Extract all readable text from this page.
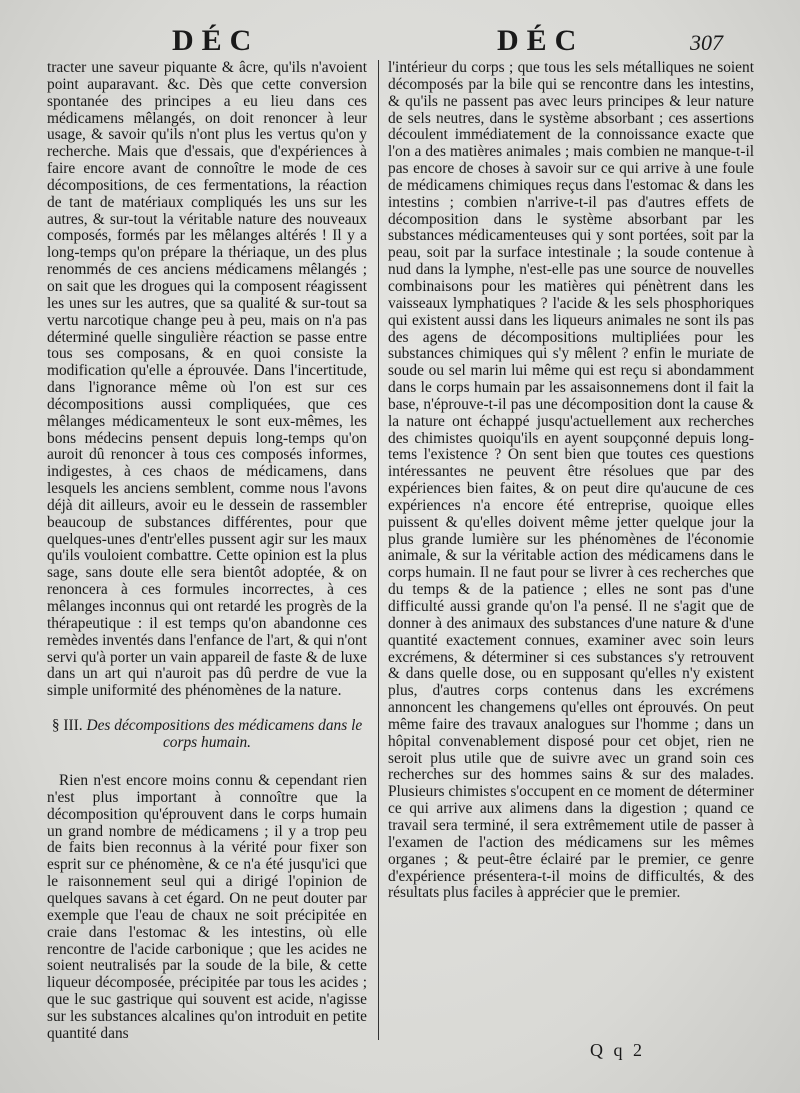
DÉC	DÉC	307

tracter une saveur piquante & âcre, qu'ils n'avoient point auparavant. &c. Dès que cette conversion spontanée des principes a eu lieu dans ces médicamens mêlangés, on doit renoncer à leur usage, & savoir qu'ils n'ont plus les vertus qu'on y recherche. Mais que d'essais, que d'expériences à faire encore avant de connoître le mode de ces décompositions, de ces fermentations, la réaction de tant de matériaux compliqués les uns sur les autres, & sur-tout la véritable nature des nouveaux composés, formés par les mêlanges altérés ! Il y a long-temps qu'on prépare la thériaque, un des plus renommés de ces anciens médicamens mêlangés ; on sait que les drogues qui la composent réagissent les unes sur les autres, que sa qualité & sur-tout sa vertu narcotique change peu à peu, mais on n'a pas déterminé quelle singulière réaction se passe entre tous ses composans, & en quoi consiste la modification qu'elle a éprouvée. Dans l'incertitude, dans l'ignorance même où l'on est sur ces décompositions aussi compliquées, que ces mêlanges médicamenteux le sont eux-mêmes, les bons médecins pensent depuis long-temps qu'on auroit dû renoncer à tous ces composés informes, indigestes, à ces chaos de médicamens, dans lesquels les anciens semblent, comme nous l'avons déjà dit ailleurs, avoir eu le dessein de rassembler beaucoup de substances différentes, pour que quelques-unes d'entr'elles pussent agir sur les maux qu'ils vouloient combattre. Cette opinion est la plus sage, sans doute elle sera bientôt adoptée, & on renoncera à ces formules incorrectes, à ces mêlanges inconnus qui ont retardé les progrès de la thérapeutique : il est temps qu'on abandonne ces remèdes inventés dans l'enfance de l'art, & qui n'ont servi qu'à porter un vain appareil de faste & de luxe dans un art qui n'auroit pas dû perdre de vue la simple uniformité des phénomènes de la nature.

§ III. Des décompositions des médicamens dans le corps humain.

Rien n'est encore moins connu & cependant rien n'est plus important à connoître que la décomposition qu'éprouvent dans le corps humain un grand nombre de médicamens ; il y a trop peu de faits bien reconnus à la vérité pour fixer son esprit sur ce phénomène, & ce n'a été jusqu'ici que le raisonnement seul qui a dirigé l'opinion de quelques savans à cet égard. On ne peut douter par exemple que l'eau de chaux ne soit précipitée en craie dans l'estomac & les intestins, où elle rencontre de l'acide carbonique ; que les acides ne soient neutralisés par la soude de la bile, & cette liqueur décomposée, précipitée par tous les acides ; que le suc gastrique qui souvent est acide, n'agisse sur les substances alcalines qu'on introduit en petite quantité dans

l'intérieur du corps ; que tous les sels métalliques ne soient décomposés par la bile qui se rencontre dans les intestins, & qu'ils ne passent pas avec leurs principes & leur nature de sels neutres, dans le système absorbant ; ces assertions découlent immédiatement de la connoissance exacte que l'on a des matières animales ; mais combien ne manque-t-il pas encore de choses à savoir sur ce qui arrive à une foule de médicamens chimiques reçus dans l'estomac & dans les intestins ; combien n'arrive-t-il pas d'autres effets de décomposition dans le système absorbant par les substances médicamenteuses qui y sont portées, soit par la peau, soit par la surface intestinale ; la soude contenue à nud dans la lymphe, n'est-elle pas une source de nouvelles combinaisons pour les matières qui pénètrent dans les vaisseaux lymphatiques ? l'acide & les sels phosphoriques qui existent aussi dans les liqueurs animales ne sont ils pas des agens de décompositions multipliées pour les substances chimiques qui s'y mêlent ? enfin le muriate de soude ou sel marin lui même qui est reçu si abondamment dans le corps humain par les assaisonnemens dont il fait la base, n'éprouve-t-il pas une décomposition dont la cause & la nature ont échappé jusqu'actuellement aux recherches des chimistes quoiqu'ils en ayent soupçonné depuis long-tems l'existence ? On sent bien que toutes ces questions intéressantes ne peuvent être résolues que par des expériences bien faites, & on peut dire qu'aucune de ces expériences n'a encore été entreprise, quoique elles puissent & qu'elles doivent même jetter quelque jour la plus grande lumière sur les phénomènes de l'économie animale, & sur la véritable action des médicamens dans le corps humain. Il ne faut pour se livrer à ces recherches que du temps & de la patience ; elles ne sont pas d'une difficulté aussi grande qu'on l'a pensé. Il ne s'agit que de donner à des animaux des substances d'une nature & d'une quantité exactement connues, examiner avec soin leurs excrémens, & déterminer si ces substances s'y retrouvent & dans quelle dose, ou en supposant qu'elles n'y existent plus, d'autres corps contenus dans les excrémens annoncent les changemens qu'elles ont éprouvés. On peut même faire des travaux analogues sur l'homme ; dans un hôpital convenablement disposé pour cet objet, rien ne seroit plus utile que de suivre avec un grand soin ces recherches sur des hommes sains & sur des malades. Plusieurs chimistes s'occupent en ce moment de déterminer ce qui arrive aux alimens dans la digestion ; quand ce travail sera terminé, il sera extrêmement utile de passer à l'examen de l'action des médicamens sur les mêmes organes ; & peut-être éclairé par le premier, ce genre d'expérience présentera-t-il moins de difficultés, & des résultats plus faciles à apprécier que le premier.

Q q 2
